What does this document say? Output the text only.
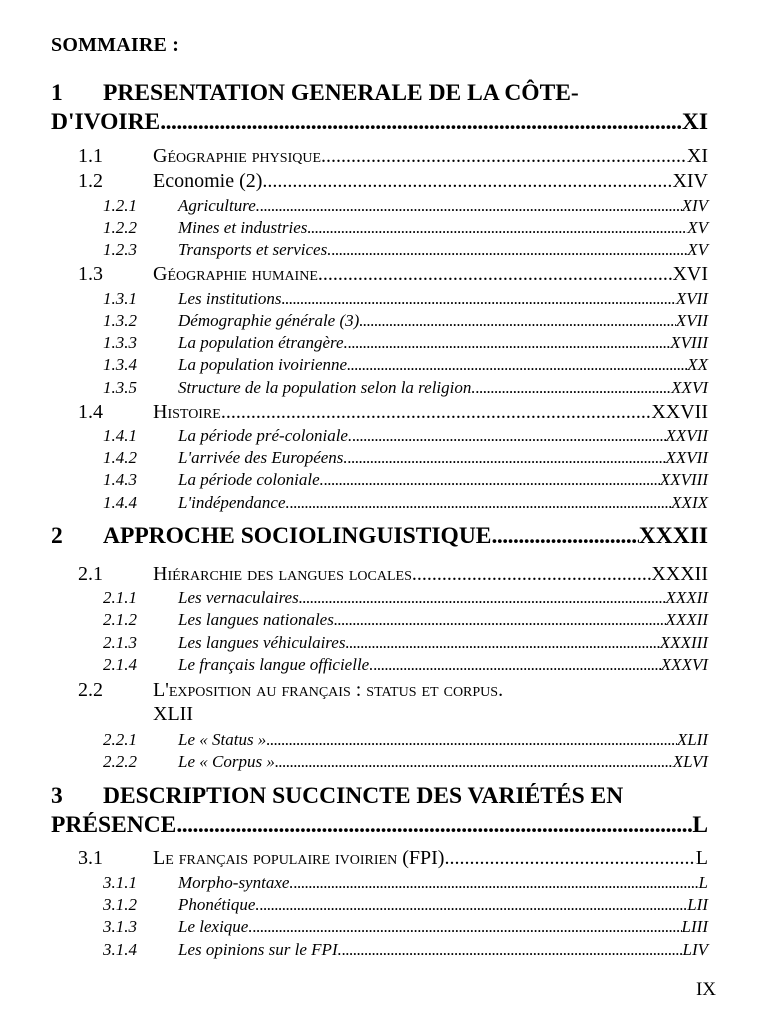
SOMMAIRE :
1	PRESENTATION GENERALE DE LA CÔTE-
D'IVOIRE .....	XI
1.1	Géographie physique .....	XI
1.2	Economie (2). .....	XIV
1.2.1	Agriculture. .....	XIV
1.2.2	Mines et industries .....	XV
1.2.3	Transports et services. .....	XV
1.3	Géographie humaine. .....	XVI
1.3.1	Les institutions .....	XVII
1.3.2	Démographie générale (3) .....	XVII
1.3.3	La population étrangère. .....	XVIII
1.3.4	La population ivoirienne .....	XX
1.3.5	Structure de la population selon la religion. .....	XXVI
1.4	Histoire. .....	XXVII
1.4.1	La période pré-coloniale. .....	XXVII
1.4.2	L'arrivée des Européens. .....	XXVII
1.4.3	La période coloniale. .....	XXVIII
1.4.4	L'indépendance. .....	XXIX
2	APPROCHE SOCIOLINGUISTIQUE .....	XXXII
2.1	Hiérarchie des langues locales. .....	XXXII
2.1.1	Les vernaculaires .....	XXXII
2.1.2	Les langues nationales .....	XXXII
2.1.3	Les langues véhiculaires .....	XXXIII
2.1.4	Le français langue officielle. .....	XXXVI
2.2	L'exposition au français : status et corpus.
XLII
2.2.1	Le « Status » .....	XLII
2.2.2	Le « Corpus » .....	XLVI
3	DESCRIPTION SUCCINCTE DES VARIÉTÉS EN
PRÉSENCE .....	L
3.1	Le français populaire ivoirien (FPI). .....	L
3.1.1	Morpho-syntaxe. .....	L
3.1.2	Phonétique. .....	LII
3.1.3	Le lexique. .....	LIII
3.1.4	Les opinions sur le FPI. .....	LIV
IX
